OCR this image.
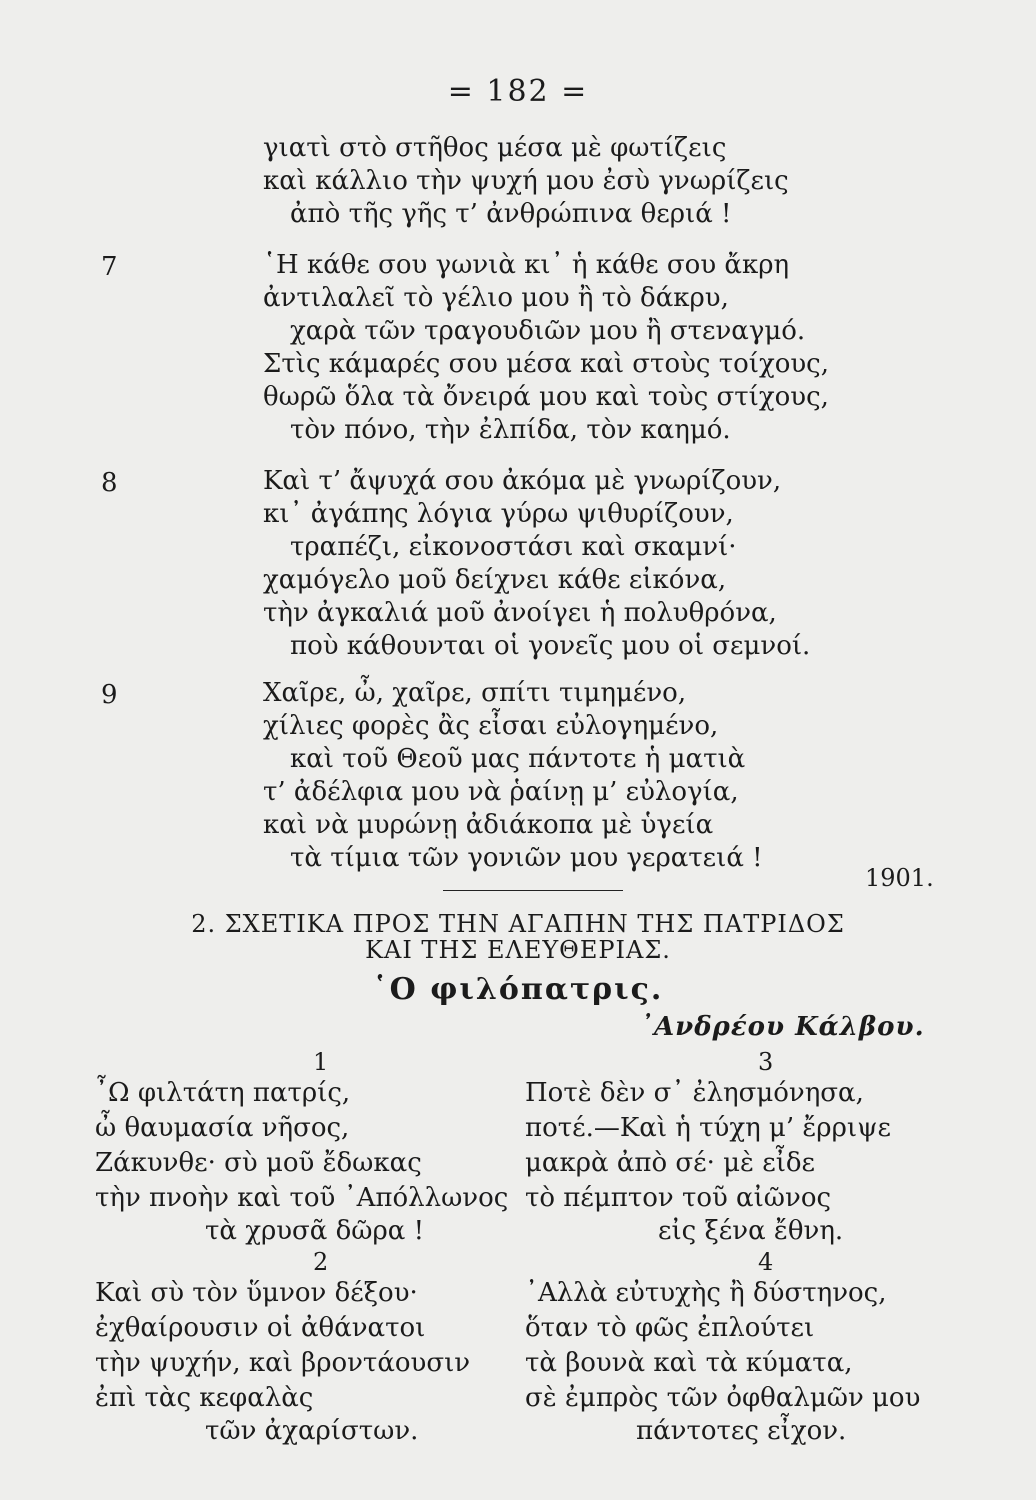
= 182 =
γιατὶ στὸ στῆθος μέσα μὲ φωτίζεις
καὶ κάλλιο τὴν ψυχή μου ἐσὺ γνωρίζεις
ἀπὸ τῆς γῆς τ’ ἀνθρώπινα θεριά !
7	῾Η κάθε σου γωνιὰ κι᾽ ἡ κάθε σου ἄκρη
ἀντιλαλεῖ τὸ γέλιο μου ἢ τὸ δάκρυ,
χαρὰ τῶν τραγουδιῶν μου ἢ στεναγμό.
Στὶς κάμαρές σου μέσα καὶ στοὺς τοίχους,
θωρῶ ὅλα τὰ ὄνειρά μου καὶ τοὺς στίχους,
τὸν πόνο, τὴν ἐλπίδα, τὸν καημό.
8	Καὶ τ’ ἄψυχά σου ἀκόμα μὲ γνωρίζουν,
κι᾽ ἀγάπης λόγια γύρω ψιθυρίζουν,
τραπέζι, εἰκονοστάσι καὶ σκαμνί·
χαμόγελο μοῦ δείχνει κάθε εἰκόνα,
τὴν ἀγκαλιά μοῦ ἀνοίγει ἡ πολυθρόνα,
ποὺ κάθουνται οἱ γονεῖς μου οἱ σεμνοί.
9	Χαῖρε, ὦ, χαῖρε, σπίτι τιμημένο,
χίλιες φορὲς ἂς εἶσαι εὐλογημένο,
καὶ τοῦ Θεοῦ μας πάντοτε ἡ ματιὰ
τ’ ἀδέλφια μου νὰ ῥαίνῃ μ’ εὐλογία,
καὶ νὰ μυρώνῃ ἀδιάκοπα μὲ ὑγεία
τὰ τίμια τῶν γονιῶν μου γερατειά !
1901.
2. ΣΧΕΤΙΚΑ ΠΡΟΣ ΤΗΝ ΑΓΑΠΗΝ ΤΗΣ ΠΑΤΡΙΔΟΣ
ΚΑΙ ΤΗΣ ΕΛΕΥΘΕΡΙΑΣ.
῾Ο φιλόπατρις.
᾿Ανδρέου Κάλβου.
1
῏Ω φιλτάτη πατρίς,
ὦ θαυμασία νῆσος,
Ζάκυνθε· σὺ μοῦ ἔδωκας
τὴν πνοὴν καὶ τοῦ ᾿Απόλλωνος
τὰ χρυσᾶ δῶρα !
2
Καὶ σὺ τὸν ὕμνον δέξου·
ἐχθαίρουσιν οἱ ἀθάνατοι
τὴν ψυχήν, καὶ βροντάουσιν
ἐπὶ τὰς κεφαλὰς
τῶν ἀχαρίστων.
3
Ποτὲ δὲν σ᾽ ἐλησμόνησα,
ποτέ.—Καὶ ἡ τύχη μ’ ἔρριψε
μακρὰ ἀπὸ σέ· μὲ εἶδε
τὸ πέμπτον τοῦ αἰῶνος
εἰς ξένα ἔθνη.
4
᾿Αλλὰ εὐτυχὴς ἢ δύστηνος,
ὅταν τὸ φῶς ἐπλούτει
τὰ βουνὰ καὶ τὰ κύματα,
σὲ ἐμπρὸς τῶν ὀφθαλμῶν μου
πάντοτες εἶχον.
